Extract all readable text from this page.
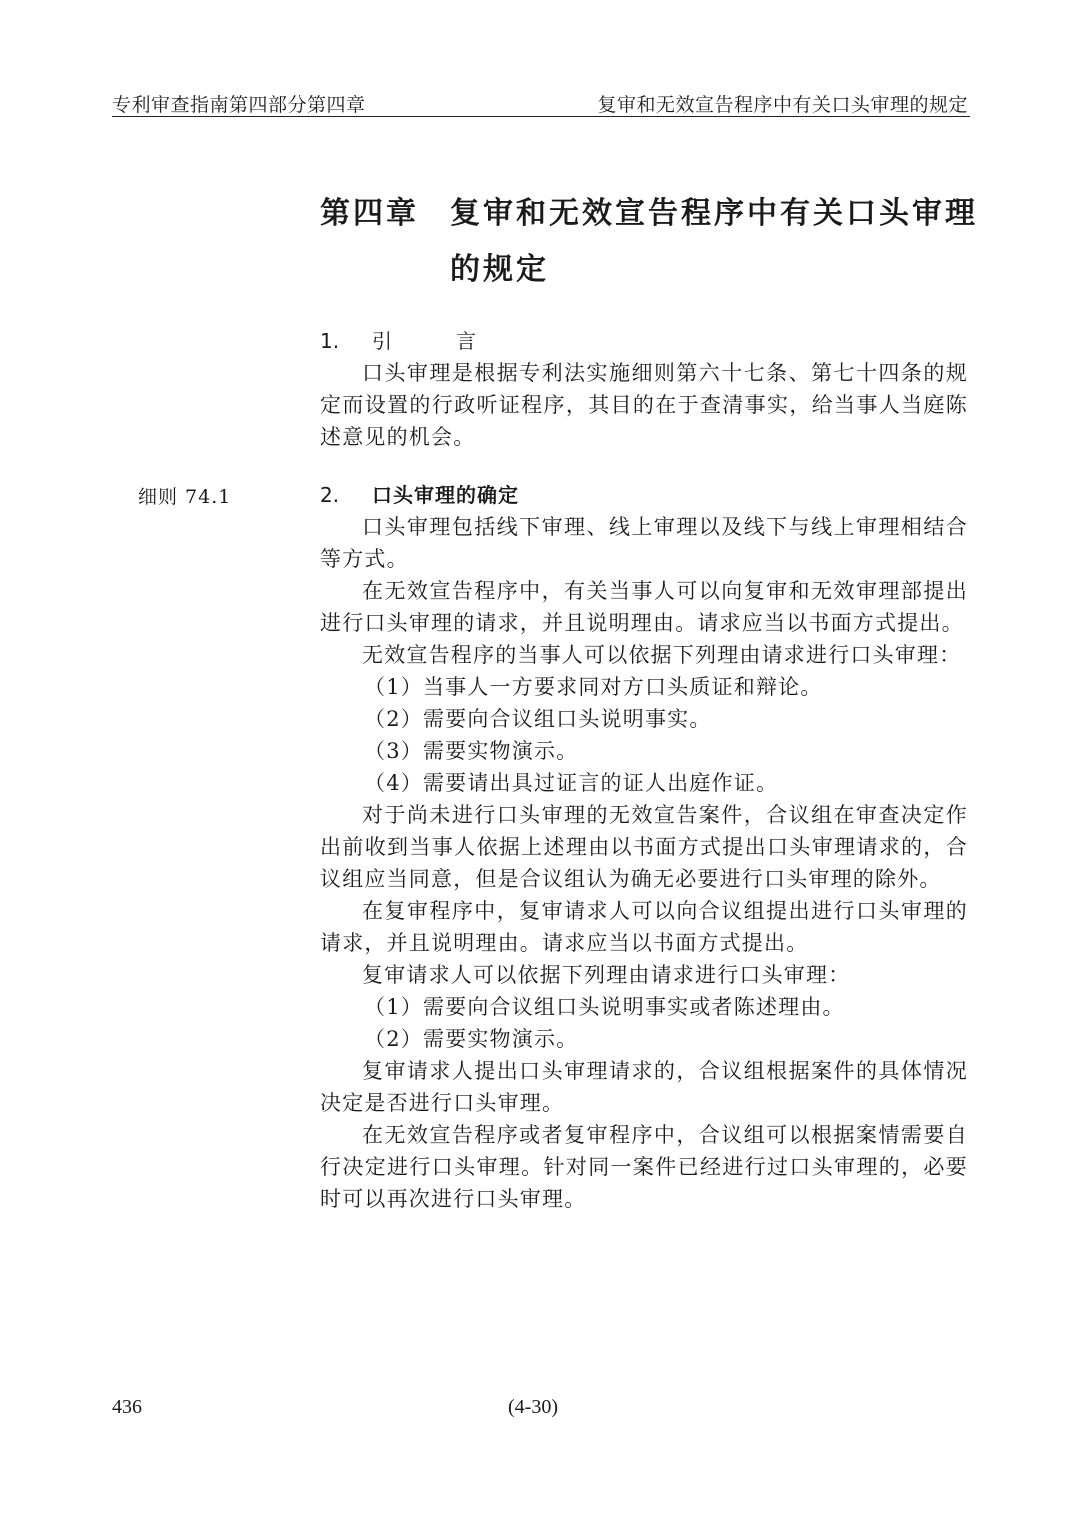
专利审查指南第四部分第四章	复审和无效宣告程序中有关口头审理的规定
第四章 复审和无效宣告程序中有关口头审理
的规定
1. 引　言

口头审理是根据专利法实施细则第六十七条、第七十四条的规定而设置的行政听证程序，其目的在于查清事实，给当事人当庭陈述意见的机会。

细则 74.1	2. 口头审理的确定

口头审理包括线下审理、线上审理以及线下与线上审理相结合等方式。

在无效宣告程序中，有关当事人可以向复审和无效审理部提出进行口头审理的请求，并且说明理由。请求应当以书面方式提出。

无效宣告程序的当事人可以依据下列理由请求进行口头审理：

（1）当事人一方要求同对方口头质证和辩论。

（2）需要向合议组口头说明事实。

（3）需要实物演示。

（4）需要请出具过证言的证人出庭作证。

对于尚未进行口头审理的无效宣告案件，合议组在审查决定作出前收到当事人依据上述理由以书面方式提出口头审理请求的，合议组应当同意，但是合议组认为确无必要进行口头审理的除外。

在复审程序中，复审请求人可以向合议组提出进行口头审理的请求，并且说明理由。请求应当以书面方式提出。

复审请求人可以依据下列理由请求进行口头审理：

（1）需要向合议组口头说明事实或者陈述理由。

（2）需要实物演示。

复审请求人提出口头审理请求的，合议组根据案件的具体情况决定是否进行口头审理。

在无效宣告程序或者复审程序中，合议组可以根据案情需要自行决定进行口头审理。针对同一案件已经进行过口头审理的，必要时可以再次进行口头审理。

436	(4-30)
